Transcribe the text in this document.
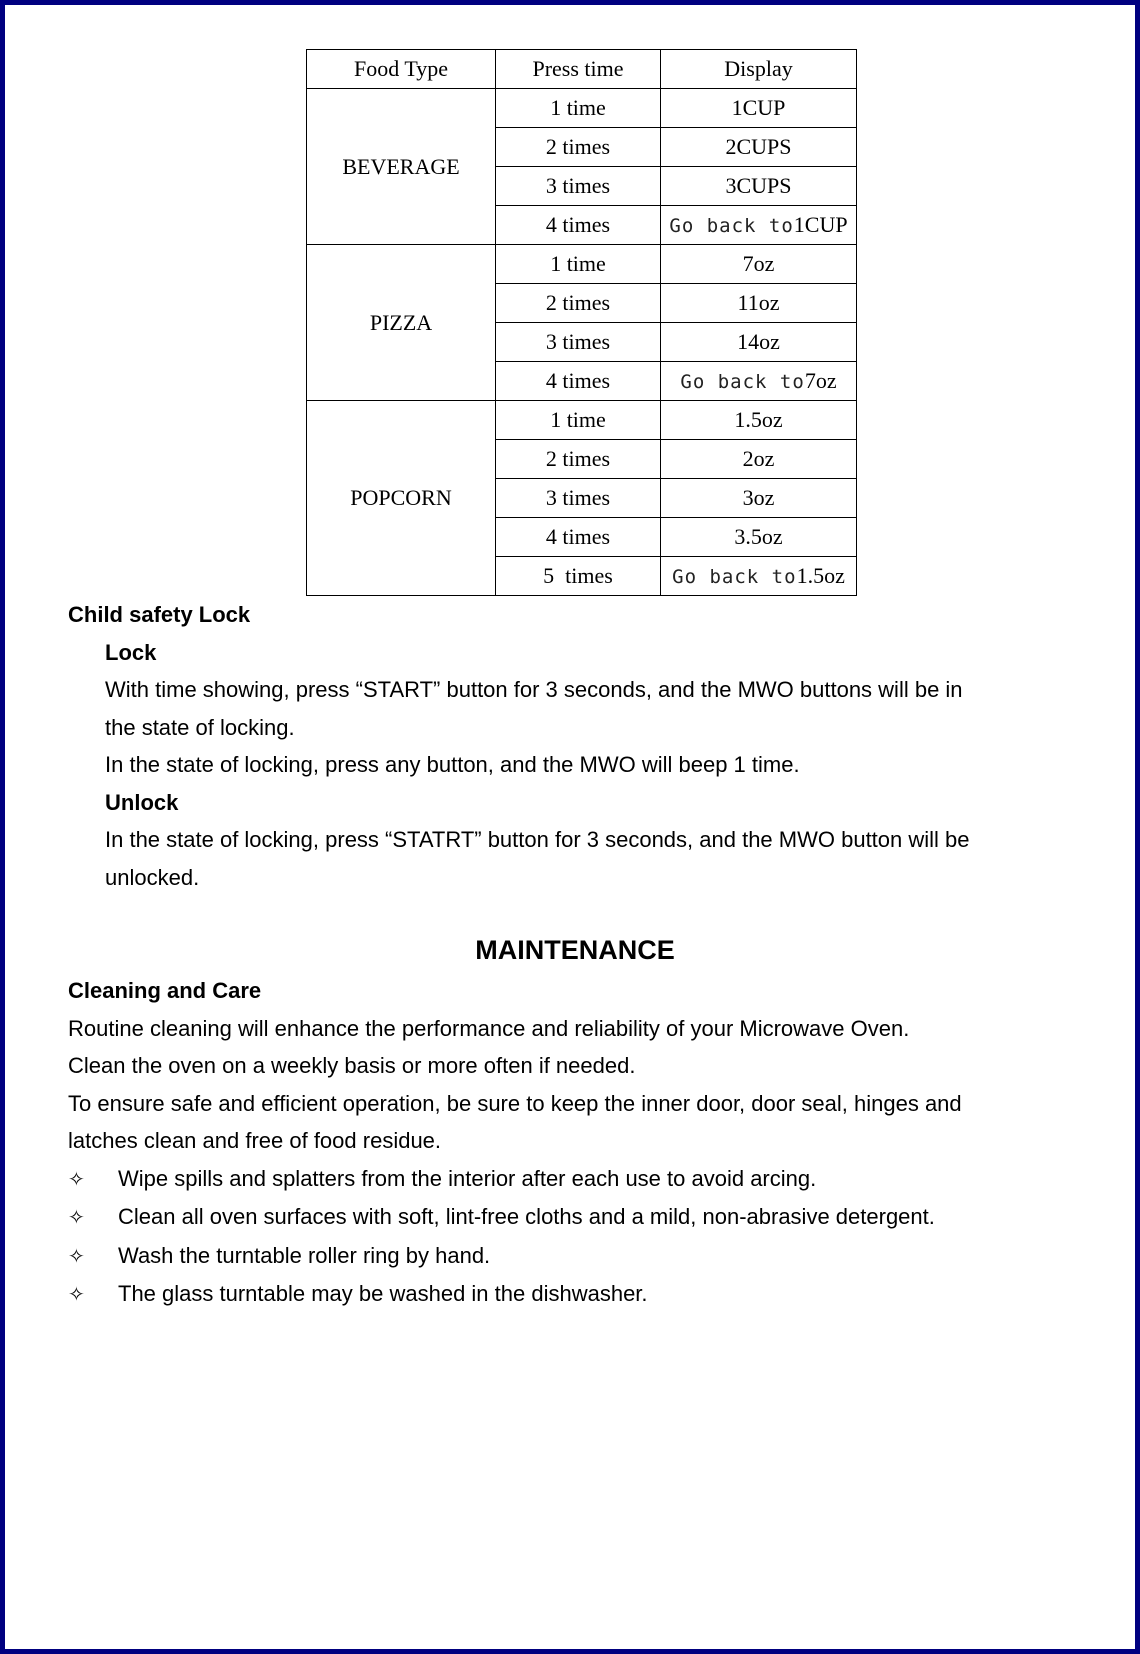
Food Type	Press time	Display
BEVERAGE	1 time	1CUP
	2 times	2CUPS
	3 times	3CUPS
	4 times	Go back to1CUP
PIZZA	1 time	7oz
	2 times	11oz
	3 times	14oz
	4 times	Go back to7oz
POPCORN	1 time	1.5oz
	2 times	2oz
	3 times	3oz
	4 times	3.5oz
	5  times	Go back to1.5oz
Child safety Lock
Lock
With time showing, press “START” button for 3 seconds, and the MWO buttons will be in
the state of locking.
In the state of locking, press any button, and the MWO will beep 1 time.
Unlock
In the state of locking, press “STATRT” button for 3 seconds, and the MWO button will be
unlocked.
MAINTENANCE
Cleaning and Care
Routine cleaning will enhance the performance and reliability of your Microwave Oven.
Clean the oven on a weekly basis or more often if needed.
To ensure safe and efficient operation, be sure to keep the inner door, door seal, hinges and
latches clean and free of food residue.
✧	Wipe spills and splatters from the interior after each use to avoid arcing.
✧	Clean all oven surfaces with soft, lint-free cloths and a mild, non-abrasive detergent.
✧	Wash the turntable roller ring by hand.
✧	The glass turntable may be washed in the dishwasher.
